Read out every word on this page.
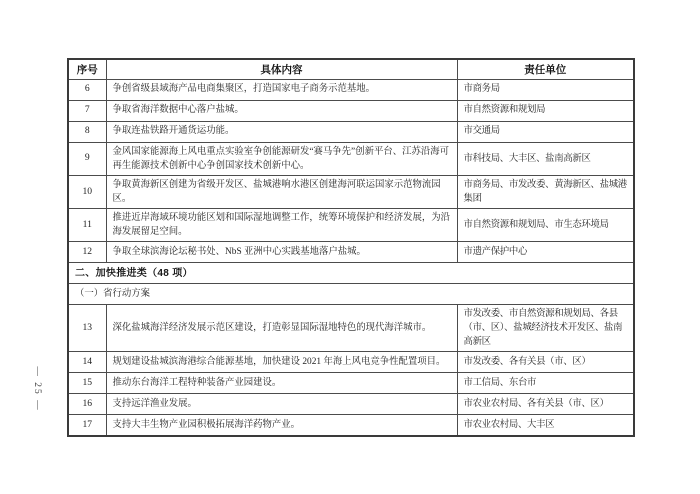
— 25 —
序号	具体内容	责任单位
6	争创省级县域海产品电商集聚区，打造国家电子商务示范基地。	市商务局
7	争取省海洋数据中心落户盐城。	市自然资源和规划局
8	争取连盐铁路开通货运功能。	市交通局
9	金风国家能源海上风电重点实验室争创能源研发“赛马争先”创新平台、江苏沿海可再生能源技术创新中心争创国家技术创新中心。	市科技局、大丰区、盐南高新区
10	争取黄海新区创建为省级开发区、盐城港响水港区创建海河联运国家示范物流园区。	市商务局、市发改委、黄海新区、盐城港集团
11	推进近岸海域环境功能区划和国际湿地调整工作，统筹环境保护和经济发展，为沿海发展留足空间。	市自然资源和规划局、市生态环境局
12	争取全球滨海论坛秘书处、NbS 亚洲中心实践基地落户盐城。	市遗产保护中心
二、加快推进类（48 项）		
（一）省行动方案		
13	深化盐城海洋经济发展示范区建设，打造彰显国际湿地特色的现代海洋城市。	市发改委、市自然资源和规划局、各县（市、区）、盐城经济技术开发区、盐南高新区
14	规划建设盐城滨海港综合能源基地，加快建设 2021 年海上风电竞争性配置项目。	市发改委、各有关县（市、区）
15	推动东台海洋工程特种装备产业园建设。	市工信局、东台市
16	支持远洋渔业发展。	市农业农村局、各有关县（市、区）
17	支持大丰生物产业园积极拓展海洋药物产业。	市农业农村局、大丰区
